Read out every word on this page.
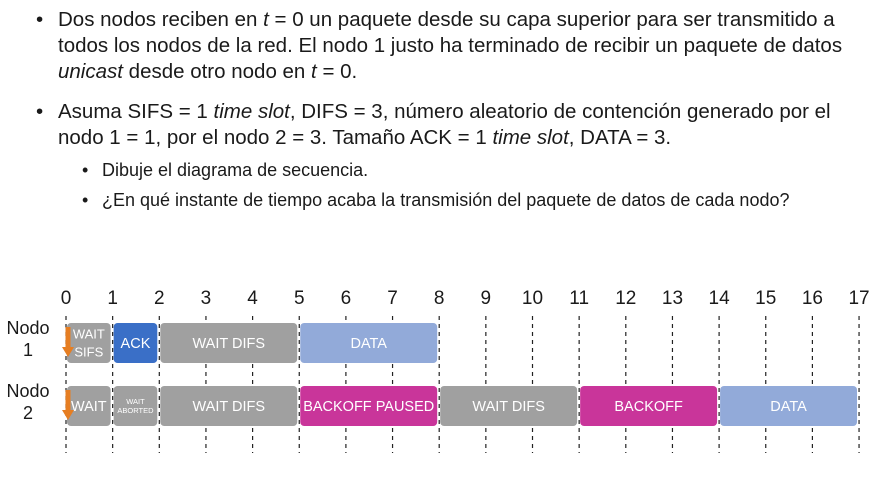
• Dos nodos reciben en t = 0 un paquete desde su capa superior para ser transmitido a todos los nodos de la red. El nodo 1 justo ha terminado de recibir un paquete de datos unicast desde otro nodo en t = 0.
• Asuma SIFS = 1 time slot, DIFS = 3, número aleatorio de contención generado por el nodo 1 = 1, por el nodo 2 = 3. Tamaño ACK = 1 time slot, DATA = 3.
• Dibuje el diagrama de secuencia.
• ¿En qué instante de tiempo acaba la transmisión del paquete de datos de cada nodo?
0 1 2 3 4 5 6 7 8 9 10 11 12 13 14 15 16 17
Nodo 1
WAIT SIFS ACK	WAIT DIFS	DATA
Nodo 2	WAIT	WAIT ABORTED	WAIT DIFS	BACKOFF PAUSED	WAIT DIFS	BACKOFF	DATA
